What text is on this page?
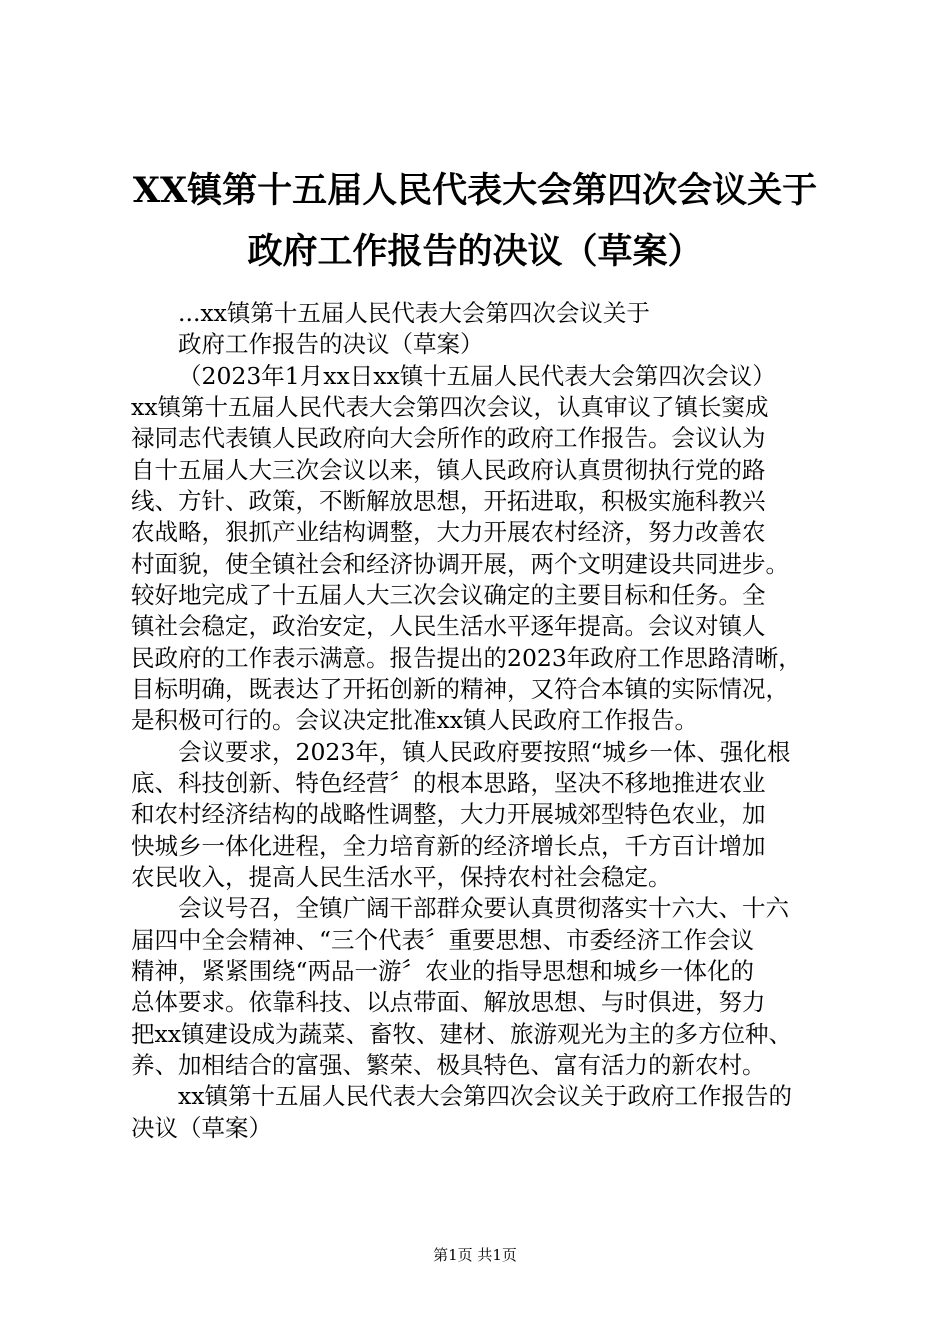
XX镇第十五届人民代表大会第四次会议关于
政府工作报告的决议（草案）
...xx镇第十五届人民代表大会第四次会议关于
政府工作报告的决议（草案）
（2023年1月xx日xx镇十五届人民代表大会第四次会议）
xx镇第十五届人民代表大会第四次会议，认真审议了镇长窦成
禄同志代表镇人民政府向大会所作的政府工作报告。会议认为
自十五届人大三次会议以来，镇人民政府认真贯彻执行党的路
线、方针、政策，不断解放思想，开拓进取，积极实施科教兴
农战略，狠抓产业结构调整，大力开展农村经济，努力改善农
村面貌，使全镇社会和经济协调开展，两个文明建设共同进步。
较好地完成了十五届人大三次会议确定的主要目标和任务。全
镇社会稳定，政治安定，人民生活水平逐年提高。会议对镇人
民政府的工作表示满意。报告提出的2023年政府工作思路清晰，
目标明确，既表达了开拓创新的精神，又符合本镇的实际情况，
是积极可行的。会议决定批准xx镇人民政府工作报告。
会议要求，2023年，镇人民政府要按照“城乡一体、强化根
底、科技创新、特色经营〞的根本思路，坚决不移地推进农业
和农村经济结构的战略性调整，大力开展城郊型特色农业，加
快城乡一体化进程，全力培育新的经济增长点，千方百计增加
农民收入，提高人民生活水平，保持农村社会稳定。
会议号召，全镇广阔干部群众要认真贯彻落实十六大、十六
届四中全会精神、“三个代表〞重要思想、市委经济工作会议
精神，紧紧围绕“两品一游〞农业的指导思想和城乡一体化的
总体要求。依靠科技、以点带面、解放思想、与时俱进，努力
把xx镇建设成为蔬菜、畜牧、建材、旅游观光为主的多方位种、
养、加相结合的富强、繁荣、极具特色、富有活力的新农村。
xx镇第十五届人民代表大会第四次会议关于政府工作报告的
决议（草案）
第1页 共1页
